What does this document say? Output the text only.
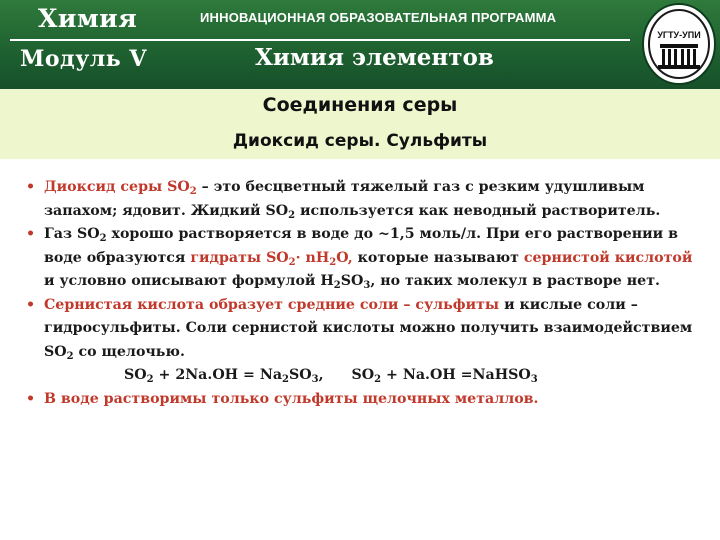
Химия
Модуль V
ИННОВАЦИОННАЯ ОБРАЗОВАТЕЛЬНАЯ ПРОГРАММА
Химия элементов
УГТУ-УПИ
Соединения серы
Диоксид серы. Сульфиты
• Диоксид серы $SO_2$ – это бесцветный тяжелый газ с резким удушливым запахом; ядовит. Жидкий $SO_2$ используется как неводный растворитель.
• Газ $SO_2$ хорошо растворяется в воде до ~1,5 моль/л. При его растворении в воде образуются гидраты $SO_2\cdot nH_2O$, которые называют сернистой кислотой и условно описывают формулой $H_2SO_3$, но таких молекул в растворе нет.
• Сернистая кислота образует средние соли – сульфиты и кислые соли – гидросульфиты. Соли сернистой кислоты можно получить взаимодействием $SO_2$ со щелочью.
$SO_2 + 2Na.OH = Na_2SO_3$, $SO_2 + Na.OH$ =NaHSO$_3$
• В воде растворимы только сульфиты щелочных металлов.
